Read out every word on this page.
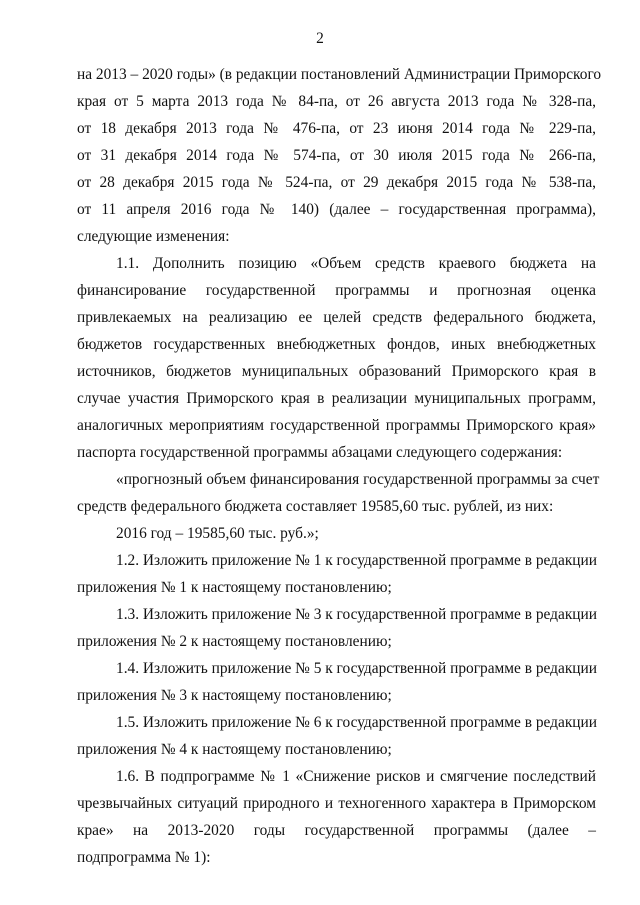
2
на 2013 – 2020 годы» (в редакции постановлений Администрации Приморского
края от 5 марта 2013 года № 84-па, от 26 августа 2013 года № 328-па,
от 18 декабря 2013 года № 476-па, от 23 июня 2014 года № 229-па,
от 31 декабря 2014 года № 574-па, от 30 июля 2015 года № 266-па,
от 28 декабря 2015 года № 524-па, от 29 декабря 2015 года № 538-па,
от 11 апреля 2016 года № 140) (далее – государственная программа),
следующие изменения:
1.1. Дополнить позицию «Объем средств краевого бюджета на
финансирование государственной программы и прогнозная оценка
привлекаемых на реализацию ее целей средств федерального бюджета,
бюджетов государственных внебюджетных фондов, иных внебюджетных
источников, бюджетов муниципальных образований Приморского края в
случае участия Приморского края в реализации муниципальных программ,
аналогичных мероприятиям государственной программы Приморского края»
паспорта государственной программы абзацами следующего содержания:
«прогнозный объем финансирования государственной программы за счет
средств федерального бюджета составляет 19585,60 тыс. рублей, из них:
2016 год – 19585,60 тыс. руб.»;
1.2. Изложить приложение № 1 к государственной программе в редакции
приложения № 1 к настоящему постановлению;
1.3. Изложить приложение № 3 к государственной программе в редакции
приложения № 2 к настоящему постановлению;
1.4. Изложить приложение № 5 к государственной программе в редакции
приложения № 3 к настоящему постановлению;
1.5. Изложить приложение № 6 к государственной программе в редакции
приложения № 4 к настоящему постановлению;
1.6. В подпрограмме № 1 «Снижение рисков и смягчение последствий
чрезвычайных ситуаций природного и техногенного характера в Приморском
крае» на 2013-2020 годы государственной программы (далее –
подпрограмма № 1):
